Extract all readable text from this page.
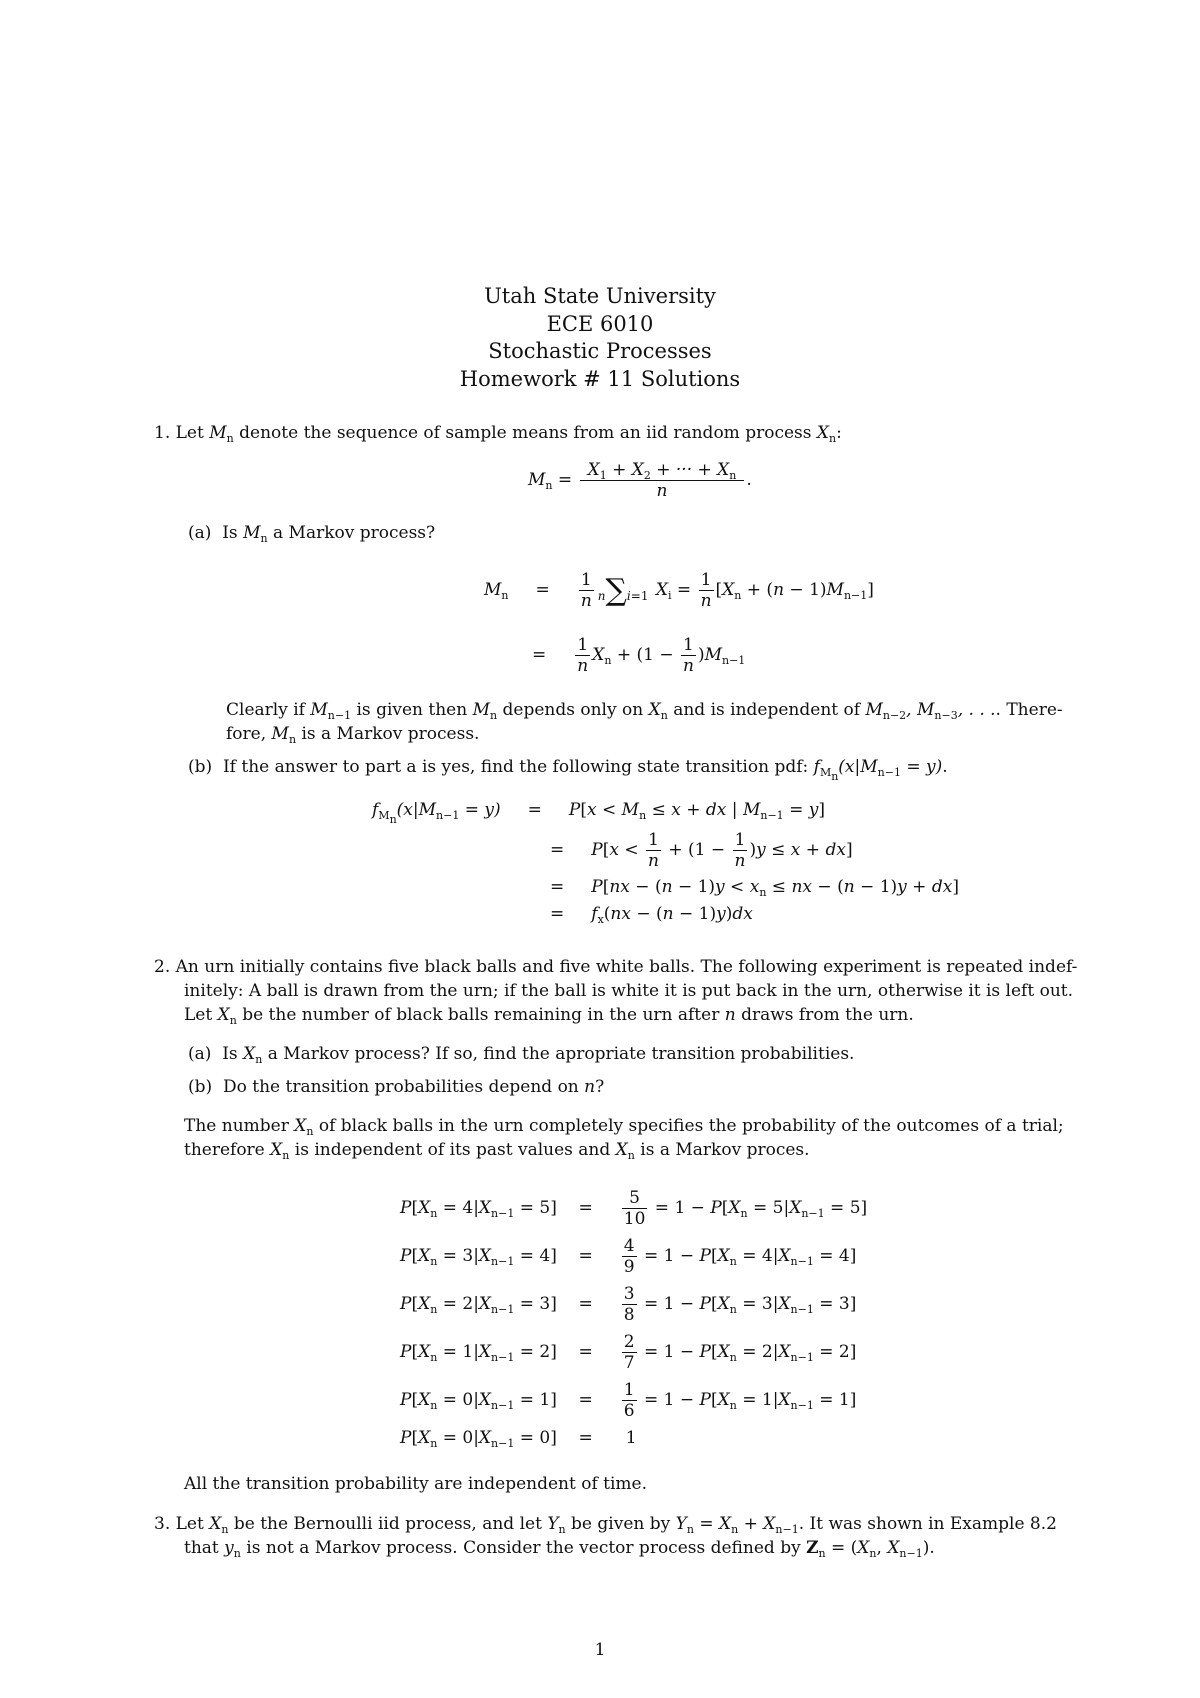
Utah State University
ECE 6010
Stochastic Processes
Homework # 11 Solutions
1. Let $M_n$ denote the sequence of sample means from an iid random process $X_n$:
$M_n = \frac{X_1 + X_2 + \cdot\cdot\cdot + X_n}{n}$ .
(a) Is $M_n$ a Markov process?
$M_n$     = $\frac{1}{n} n\sum i=1$ $X_i = \frac{1}{n} [X_n + (n - 1)M_{n-1}]$
= $\frac{1}{n} X_n + (1 - \frac{1}{n} )M_{n-1}$
Clearly if $M_{n-1}$ is given then $M_n$ depends only on $X_n$ and is independent of $M_{n-2}$, $M_{n-3}$, . . .. There-
fore, $M_n$ is a Markov process.
(b) If the answer to part a is yes, find the following state transition pdf: $f_{M_n}(x|M_{n-1} = y)$.
$f_{M_n}(x|M_{n-1} = y)$     =     $P[x < M_n \le x$ + dx | $M_{n-1} = y$]
=     $P[x < \frac{1}{n} + (1 - \frac{1}{n} )y \le x + dx]$
=     $P[nx - (n - 1)y < x_n$ ≤ nx − (n − 1)y + dx]
=     $f_x(nx - (n - 1)y)dx$
2. An urn initially contains five black balls and five white balls. The following experiment is repeated indef-
initely: A ball is drawn from the urn; if the ball is white it is put back in the urn, otherwise it is left out.
Let $X_n$ be the number of black balls remaining in the urn after n draws from the urn.
(a) Is $X_n$ a Markov process? If so, find the apropriate transition probabilities.
(b) Do the transition probabilities depend on n?
The number $X_n$ of black balls in the urn completely specifies the probability of the outcomes of a trial;
therefore $X_n$ is independent of its past values and $X_n$ is a Markov proces.
$P[X_n = 4|X_{n-1} = 5]$    = $\frac{5}{10} = 1 - P[X_n = 5|X_{n-1} = 5]$
$P[X_n = 3|X_{n-1} = 4]$    = $\frac{4}{9} = 1 - P[X_n = 4|X_{n-1} = 4]$
$P[X_n = 2|X_{n-1} = 3]$    = $\frac{3}{8} = 1 - P[X_n = 3|X_{n-1} = 3]$
$P[X_n = 1|X_{n-1} = 2]$    = $\frac{2}{7} = 1 - P[X_n = 2|X_{n-1} = 2]$
$P[X_n = 0|X_{n-1} = 1]$    = $\frac{1}{6} = 1 - P[X_n = 1|X_{n-1} = 1]$
$P[X_n = 0|X_{n-1} = 0]$    =     1
All the transition probability are independent of time.
3. Let $X_n$ be the Bernoulli iid process, and let $Y_n$ be given by $Y_n = X_n + X_{n-1}$. It was shown in Example 8.2
that $y_n$ is not a Markov process. Consider the vector process defined by $Z_n = (X_n$, $X_{n-1}$).
1
